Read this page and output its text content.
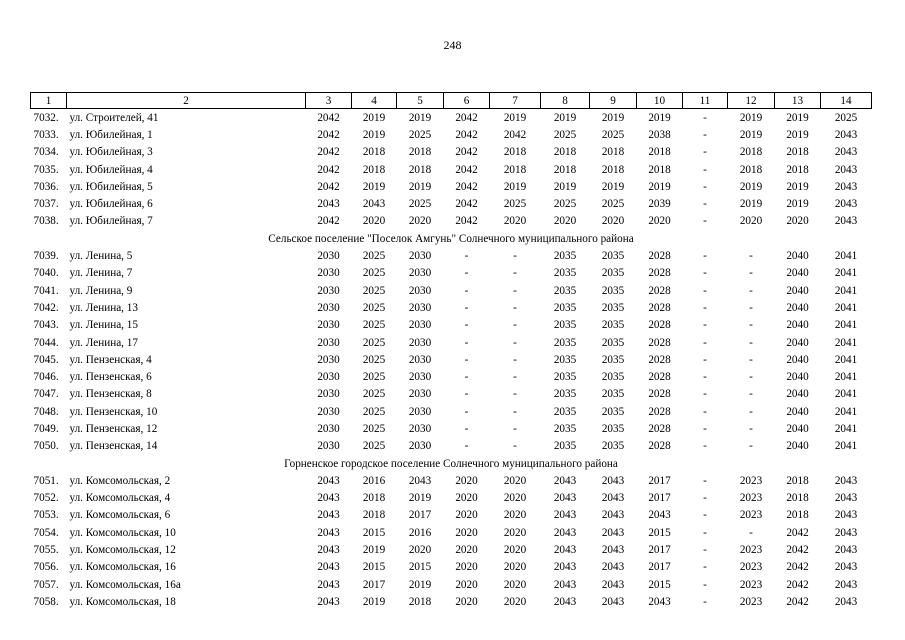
248
1	2	3	4	5	6	7	8	9	10	11	12	13	14
7032.	ул. Строителей, 41	2042	2019	2019	2042	2019	2019	2019	2019	-	2019	2019	2025
7033.	ул. Юбилейная, 1	2042	2019	2025	2042	2042	2025	2025	2038	-	2019	2019	2043
7034.	ул. Юбилейная, 3	2042	2018	2018	2042	2018	2018	2018	2018	-	2018	2018	2043
7035.	ул. Юбилейная, 4	2042	2018	2018	2042	2018	2018	2018	2018	-	2018	2018	2043
7036.	ул. Юбилейная, 5	2042	2019	2019	2042	2019	2019	2019	2019	-	2019	2019	2043
7037.	ул. Юбилейная, 6	2043	2043	2025	2042	2025	2025	2025	2039	-	2019	2019	2043
7038.	ул. Юбилейная, 7	2042	2020	2020	2042	2020	2020	2020	2020	-	2020	2020	2043
Сельское поселение "Поселок Амгунь" Солнечного муниципального района													
7039.	ул. Ленина, 5	2030	2025	2030	-	-	2035	2035	2028	-	-	2040	2041
7040.	ул. Ленина, 7	2030	2025	2030	-	-	2035	2035	2028	-	-	2040	2041
7041.	ул. Ленина, 9	2030	2025	2030	-	-	2035	2035	2028	-	-	2040	2041
7042.	ул. Ленина, 13	2030	2025	2030	-	-	2035	2035	2028	-	-	2040	2041
7043.	ул. Ленина, 15	2030	2025	2030	-	-	2035	2035	2028	-	-	2040	2041
7044.	ул. Ленина, 17	2030	2025	2030	-	-	2035	2035	2028	-	-	2040	2041
7045.	ул. Пензенская, 4	2030	2025	2030	-	-	2035	2035	2028	-	-	2040	2041
7046.	ул. Пензенская, 6	2030	2025	2030	-	-	2035	2035	2028	-	-	2040	2041
7047.	ул. Пензенская, 8	2030	2025	2030	-	-	2035	2035	2028	-	-	2040	2041
7048.	ул. Пензенская, 10	2030	2025	2030	-	-	2035	2035	2028	-	-	2040	2041
7049.	ул. Пензенская, 12	2030	2025	2030	-	-	2035	2035	2028	-	-	2040	2041
7050.	ул. Пензенская, 14	2030	2025	2030	-	-	2035	2035	2028	-	-	2040	2041
Горненское городское поселение Солнечного муниципального района													
7051.	ул. Комсомольская, 2	2043	2016	2043	2020	2020	2043	2043	2017	-	2023	2018	2043
7052.	ул. Комсомольская, 4	2043	2018	2019	2020	2020	2043	2043	2017	-	2023	2018	2043
7053.	ул. Комсомольская, 6	2043	2018	2017	2020	2020	2043	2043	2043	-	2023	2018	2043
7054.	ул. Комсомольская, 10	2043	2015	2016	2020	2020	2043	2043	2015	-	-	2042	2043
7055.	ул. Комсомольская, 12	2043	2019	2020	2020	2020	2043	2043	2017	-	2023	2042	2043
7056.	ул. Комсомольская, 16	2043	2015	2015	2020	2020	2043	2043	2017	-	2023	2042	2043
7057.	ул. Комсомольская, 16а	2043	2017	2019	2020	2020	2043	2043	2015	-	2023	2042	2043
7058.	ул. Комсомольская, 18	2043	2019	2018	2020	2020	2043	2043	2043	-	2023	2042	2043
